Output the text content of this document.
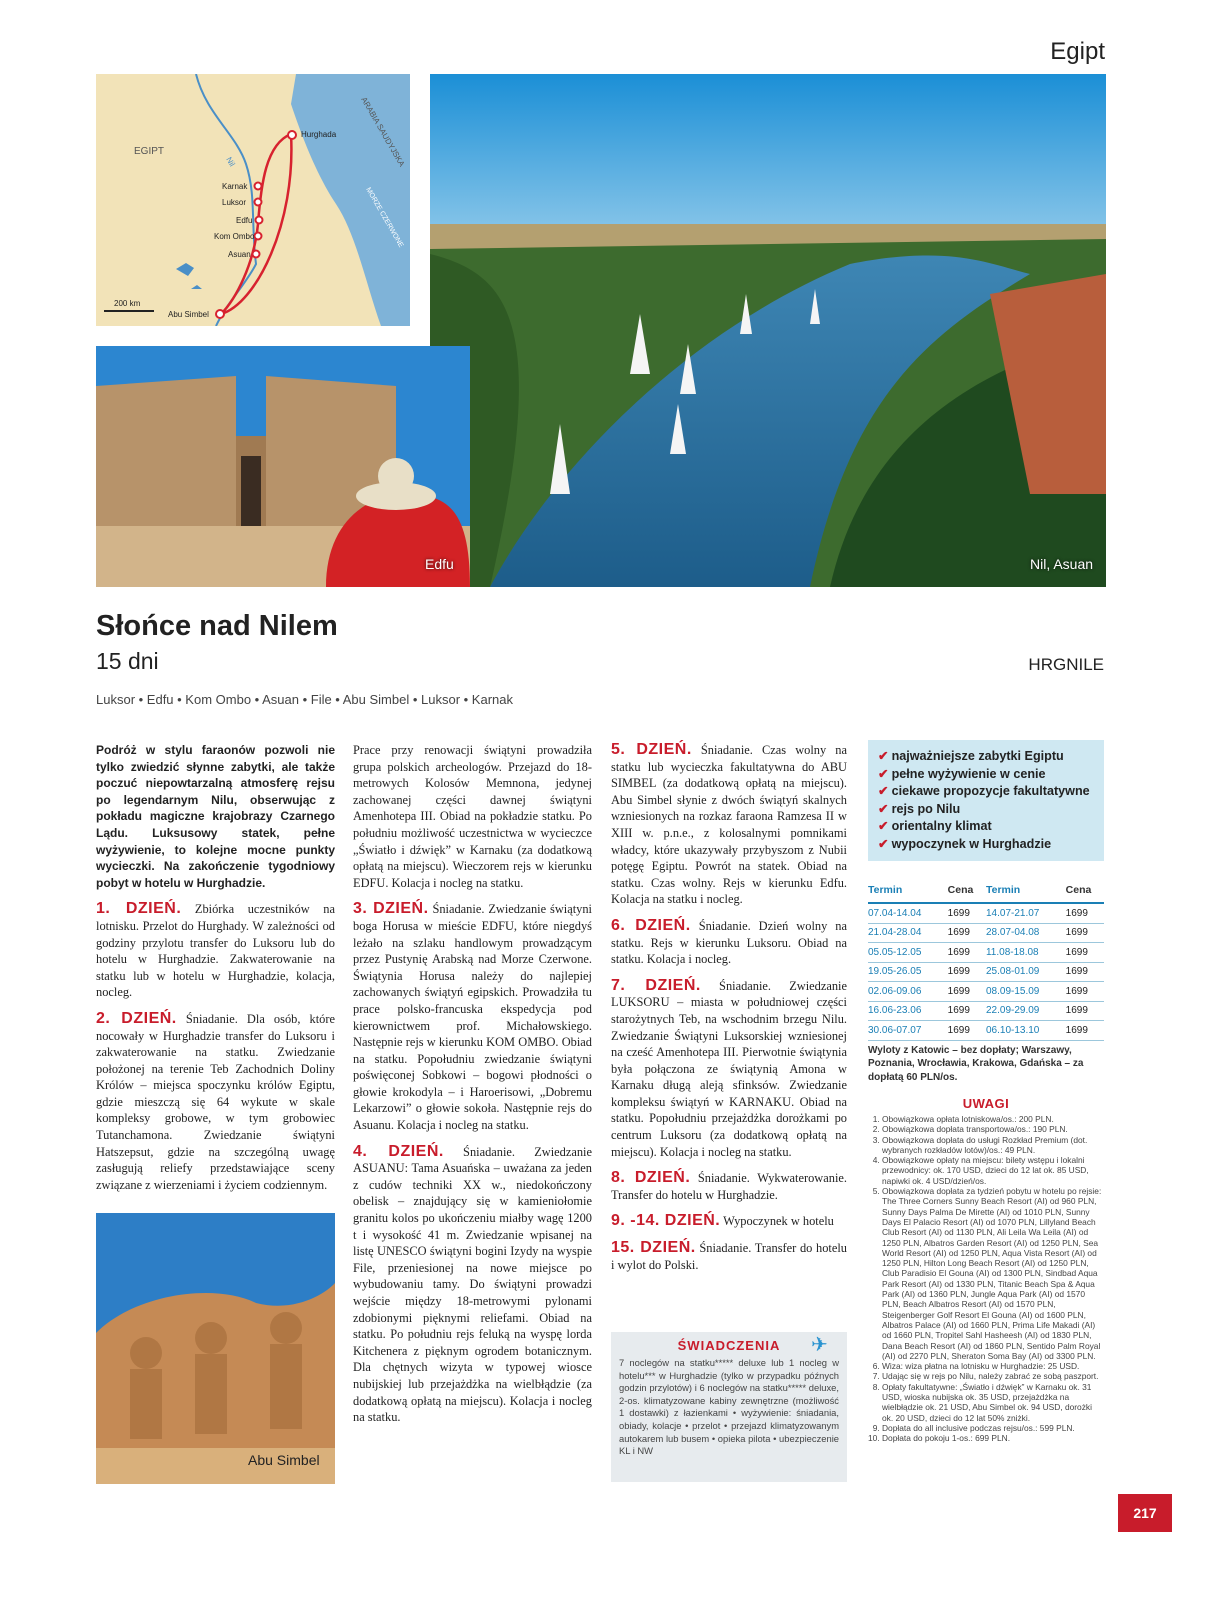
Egipt
EGIPT
Nil	ARABIA SAUDYJSKA
MORZE CZERWONE
200 km
Hurghada
Karnak
Luksor
Edfu
Kom Ombo
Asuan
Abu Simbel
Nil, Asuan
Edfu
Słońce nad Nilem
15 dni	HRGNILE
Luksor • Edfu • Kom Ombo • Asuan • File • Abu Simbel • Luksor • Karnak

Podróż w stylu faraonów pozwoli nie tylko zwiedzić słynne zabytki, ale także poczuć niepowtarzalną atmosferę rejsu po legendarnym Nilu, obserwując z pokładu magiczne krajobrazy Czarnego Lądu. Luksusowy statek, pełne wyżywienie, to kolejne mocne punkty wycieczki. Na zakończenie tygodniowy pobyt w hotelu w Hurghadzie.

1. DZIEŃ. Zbiórka uczestników na lotnisku. Przelot do Hurghady. W zależności od godziny przylotu transfer do Luksoru lub do hotelu w Hurghadzie. Zakwaterowanie na statku lub w hotelu w Hurghadzie, kolacja, nocleg.

2. DZIEŃ. Śniadanie. Dla osób, które nocowały w Hurghadzie transfer do Luksoru i zakwaterowanie na statku. Zwiedzanie położonej na terenie Teb Zachodnich Doliny Królów – miejsca spoczynku królów Egiptu, gdzie mieszczą się 64 wykute w skale kompleksy grobowe, w tym grobowiec Tutanchamona. Zwiedzanie świątyni Hatszepsut, gdzie na szczególną uwagę zasługują reliefy przedstawiające sceny związane z wierzeniami i życiem codziennym.

Abu Simbel

Prace przy renowacji świątyni prowadziła grupa polskich archeologów. Przejazd do 18-metrowych Kolosów Memnona, jedynej zachowanej części dawnej świątyni Amenhotepa III. Obiad na pokładzie statku. Po południu możliwość uczestnictwa w wycieczce „Światło i dźwięk” w Karnaku (za dodatkową opłatą na miejscu). Wieczorem rejs w kierunku EDFU. Kolacja i nocleg na statku.

3. DZIEŃ. Śniadanie. Zwiedzanie świątyni boga Horusa w mieście EDFU, które niegdyś leżało na szlaku handlowym prowadzącym przez Pustynię Arabską nad Morze Czerwone. Świątynia Horusa należy do najlepiej zachowanych świątyń egipskich. Prowadziła tu prace polsko-francuska ekspedycja pod kierownictwem prof. Michałowskiego. Następnie rejs w kierunku KOM OMBO. Obiad na statku. Popołudniu zwiedzanie świątyni poświęconej Sobkowi – bogowi płodności o głowie krokodyla – i Haroerisowi, „Dobremu Lekarzowi” o głowie sokoła. Następnie rejs do Asuanu. Kolacja i nocleg na statku.

4. DZIEŃ. Śniadanie. Zwiedzanie ASUANU: Tama Asuańska – uważana za jeden z cudów techniki XX w., niedokończony obelisk – znajdujący się w kamieniołomie granitu kolos po ukończeniu miałby wagę 1200 t i wysokość 41 m. Zwiedzanie wpisanej na listę UNESCO świątyni bogini Izydy na wyspie File, przeniesionej na nowe miejsce po wybudowaniu tamy. Do świątyni prowadzi wejście między 18-metrowymi pylonami zdobionymi pięknymi reliefami. Obiad na statku. Po południu rejs feluką na wyspę lorda Kitchenera z pięknym ogrodem botanicznym. Dla chętnych wizyta w typowej wiosce nubijskiej lub przejażdżka na wielbłądzie (za dodatkową opłatą na miejscu). Kolacja i nocleg na statku.

5. DZIEŃ. Śniadanie. Czas wolny na statku lub wycieczka fakultatywna do ABU SIMBEL (za dodatkową opłatą na miejscu). Abu Simbel słynie z dwóch świątyń skalnych wzniesionych na rozkaz faraona Ramzesa II w XIII w. p.n.e., z kolosalnymi pomnikami władcy, które ukazywały przybyszom z Nubii potęgę Egiptu. Powrót na statek. Obiad na statku. Czas wolny. Rejs w kierunku Edfu. Kolacja na statku i nocleg.

6. DZIEŃ. Śniadanie. Dzień wolny na statku. Rejs w kierunku Luksoru. Obiad na statku. Kolacja i nocleg.

7. DZIEŃ. Śniadanie. Zwiedzanie LUKSORU – miasta w południowej części starożytnych Teb, na wschodnim brzegu Nilu. Zwiedzanie Świątyni Luksorskiej wzniesionej na cześć Amenhotepa III. Pierwotnie świątynia była połączona ze świątynią Amona w Karnaku długą aleją sfinksów. Zwiedzanie kompleksu świątyń w KARNAKU. Obiad na statku. Popołudniu przejażdżka dorożkami po centrum Luksoru (za dodatkową opłatą na miejscu). Kolacja i nocleg na statku.

8. DZIEŃ. Śniadanie. Wykwaterowanie. Transfer do hotelu w Hurghadzie.

9. -14. DZIEŃ. Wypoczynek w hotelu

15. DZIEŃ. Śniadanie. Transfer do hotelu i wylot do Polski.

ŚWIADCZENIA	✈

7 noclegów na statku***** deluxe lub 1 nocleg w hotelu*** w Hurghadzie (tylko w przypadku późnych godzin przylotów) i 6 noclegów na statku***** deluxe, 2-os. klimatyzowane kabiny zewnętrzne (możliwość 1 dostawki) z łazienkami • wyżywienie: śniadania, obiady, kolacje • przelot • przejazd klimatyzowanym autokarem lub busem • opieka pilota • ubezpieczenie KL i NW

✔ najważniejsze zabytki Egiptu
✔ pełne wyżywienie w cenie
✔ ciekawe propozycje fakultatywne
✔ rejs po Nilu
✔ orientalny klimat
✔ wypoczynek w Hurghadzie
Termin	Cena	Termin	Cena
07.04-14.04	1699	14.07-21.07	1699
21.04-28.04	1699	28.07-04.08	1699
05.05-12.05	1699	11.08-18.08	1699
19.05-26.05	1699	25.08-01.09	1699
02.06-09.06	1699	08.09-15.09	1699
16.06-23.06	1699	22.09-29.09	1699
30.06-07.07	1699	06.10-13.10	1699
Wyloty z Katowic – bez dopłaty; Warszawy, Poznania, Wrocławia, Krakowa, Gdańska – za dopłatą 60 PLN/os.
UWAGI
1. Obowiązkowa opłata lotniskowa/os.: 200 PLN.
2. Obowiązkowa dopłata transportowa/os.: 190 PLN.
3. Obowiązkowa dopłata do usługi Rozkład Premium (dot. wybranych rozkładów lotów)/os.: 49 PLN.
4. Obowiązkowe opłaty na miejscu: bilety wstępu i lokalni przewodnicy: ok. 170 USD, dzieci do 12 lat ok. 85 USD, napiwki ok. 4 USD/dzień/os.
5. Obowiązkowa dopłata za tydzień pobytu w hotelu po rejsie: The Three Corners Sunny Beach Resort (AI) od 960 PLN, Sunny Days Palma De Mirette (AI) od 1010 PLN, Sunny Days El Palacio Resort (AI) od 1070 PLN, Lillyland Beach Club Resort (AI) od 1130 PLN, Ali Leila Wa Leila (AI) od 1250 PLN, Albatros Garden Resort (AI) od 1250 PLN, Sea World Resort (AI) od 1250 PLN, Aqua Vista Resort (AI) od 1250 PLN, Hilton Long Beach Resort (AI) od 1250 PLN, Club Paradisio El Gouna (AI) od 1300 PLN, Sindbad Aqua Park Resort (AI) od 1330 PLN, Titanic Beach Spa & Aqua Park (AI) od 1360 PLN, Jungle Aqua Park (AI) od 1570 PLN, Beach Albatros Resort (AI) od 1570 PLN, Steigenberger Golf Resort El Gouna (AI) od 1600 PLN, Albatros Palace (AI) od 1660 PLN, Prima Life Makadi (AI) od 1660 PLN, Tropitel Sahl Hasheesh (AI) od 1830 PLN, Dana Beach Resort (AI) od 1860 PLN, Sentido Palm Royal (AI) od 2270 PLN, Sheraton Soma Bay (AI) od 3300 PLN.
6. Wiza: wiza płatna na lotnisku w Hurghadzie: 25 USD.
7. Udając się w rejs po Nilu, należy zabrać ze sobą paszport.
8. Opłaty fakultatywne: „Światło i dźwięk” w Karnaku ok. 31 USD, wioska nubijska ok. 35 USD, przejażdżka na wielbłądzie ok. 21 USD, Abu Simbel ok. 94 USD, dorożki ok. 20 USD, dzieci do 12 lat 50% zniżki.
9. Dopłata do all inclusive podczas rejsu/os.: 599 PLN.
10. Dopłata do pokoju 1-os.: 699 PLN.
217
